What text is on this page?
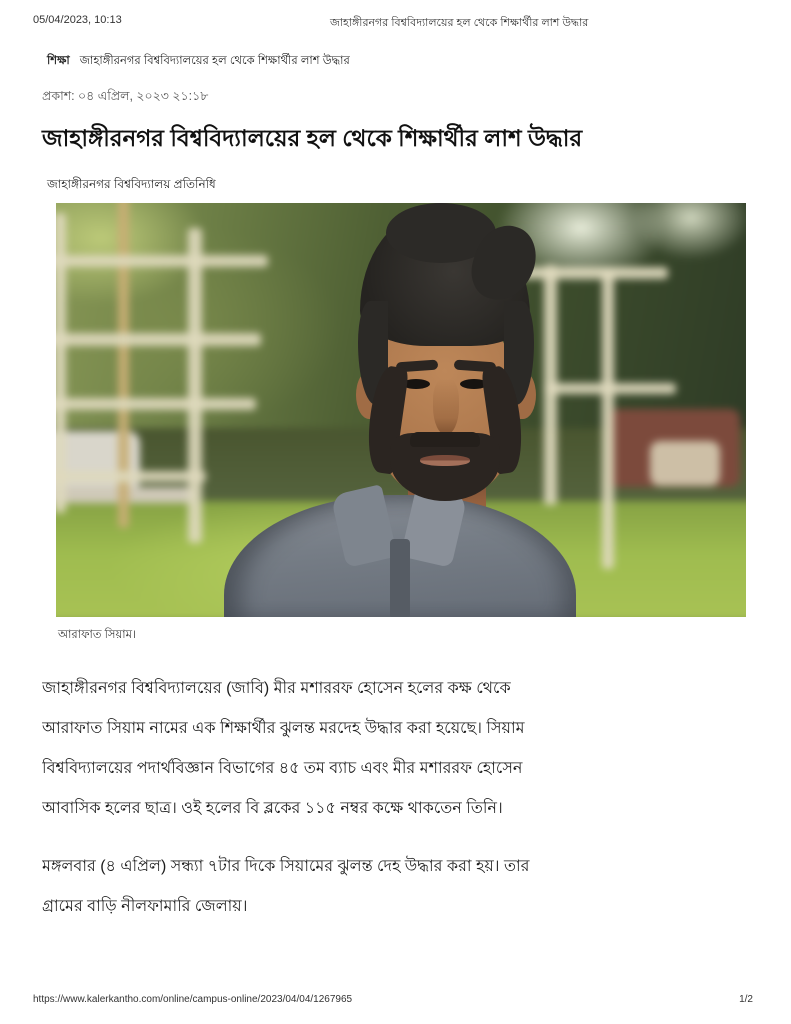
05/04/2023, 10:13	জাহাঙ্গীরনগর বিশ্ববিদ্যালয়ের হল থেকে শিক্ষার্থীর লাশ উদ্ধার
শিক্ষা জাহাঙ্গীরনগর বিশ্ববিদ্যালয়ের হল থেকে শিক্ষার্থীর লাশ উদ্ধার
প্রকাশ: ০৪ এপ্রিল, ২০২৩ ২১:১৮
জাহাঙ্গীরনগর বিশ্ববিদ্যালয়ের হল থেকে শিক্ষার্থীর লাশ উদ্ধার
জাহাঙ্গীরনগর বিশ্ববিদ্যালয় প্রতিনিধি
আরাফাত সিয়াম।
জাহাঙ্গীরনগর বিশ্ববিদ্যালয়ের (জাবি) মীর মশাররফ হোসেন হলের কক্ষ থেকে
আরাফাত সিয়াম নামের এক শিক্ষার্থীর ঝুলন্ত মরদেহ উদ্ধার করা হয়েছে। সিয়াম
বিশ্ববিদ্যালয়ের পদার্থবিজ্ঞান বিভাগের ৪৫ তম ব্যাচ এবং মীর মশাররফ হোসেন
আবাসিক হলের ছাত্র। ওই হলের বি ব্লকের ১১৫ নম্বর কক্ষে থাকতেন তিনি।
মঙ্গলবার (৪ এপ্রিল) সন্ধ্যা ৭টার দিকে সিয়ামের ঝুলন্ত দেহ উদ্ধার করা হয়। তার
গ্রামের বাড়ি নীলফামারি জেলায়।
https://www.kalerkantho.com/online/campus-online/2023/04/04/1267965	1/2
